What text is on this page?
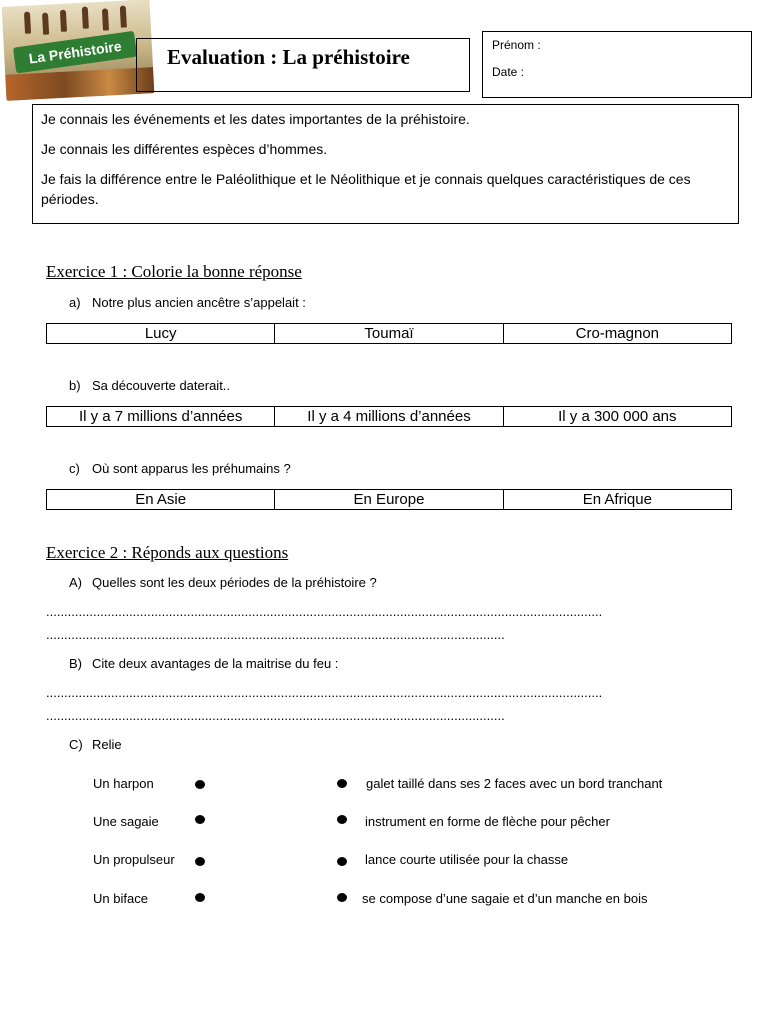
La Préhistoire	Evaluation : La préhistoire	Prénom :
Date :

Je connais les événements et les dates importantes de la préhistoire.

Je connais les différentes espèces d’hommes.

Je fais la différence entre le Paléolithique et le Néolithique et je connais quelques caractéristiques de ces périodes.

Exercice 1 : Colorie la bonne réponse
a) Notre plus ancien ancêtre s’appelait :
Lucy	Toumaï	Cro-magnon
b) Sa découverte daterait..
Il y a 7 millions d’années	Il y a 4 millions d’années	Il y a 300 000 ans
c) Où sont apparus les préhumains ?
En Asie	En Europe	En Afrique
Exercice 2 : Réponds aux questions
A) Quelles sont les deux périodes de la préhistoire ?
..........................................................................................................................................................
...............................................................................................................................
B) Cite deux avantages de la maitrise du feu :
..........................................................................................................................................................
...............................................................................................................................
C) Relie
Un harpon	galet taillé dans ses 2 faces avec un bord tranchant
Une sagaie	instrument en forme de flèche pour pêcher
Un propulseur	lance courte utilisée pour la chasse
Un biface	se compose d’une sagaie et d’un manche en bois
